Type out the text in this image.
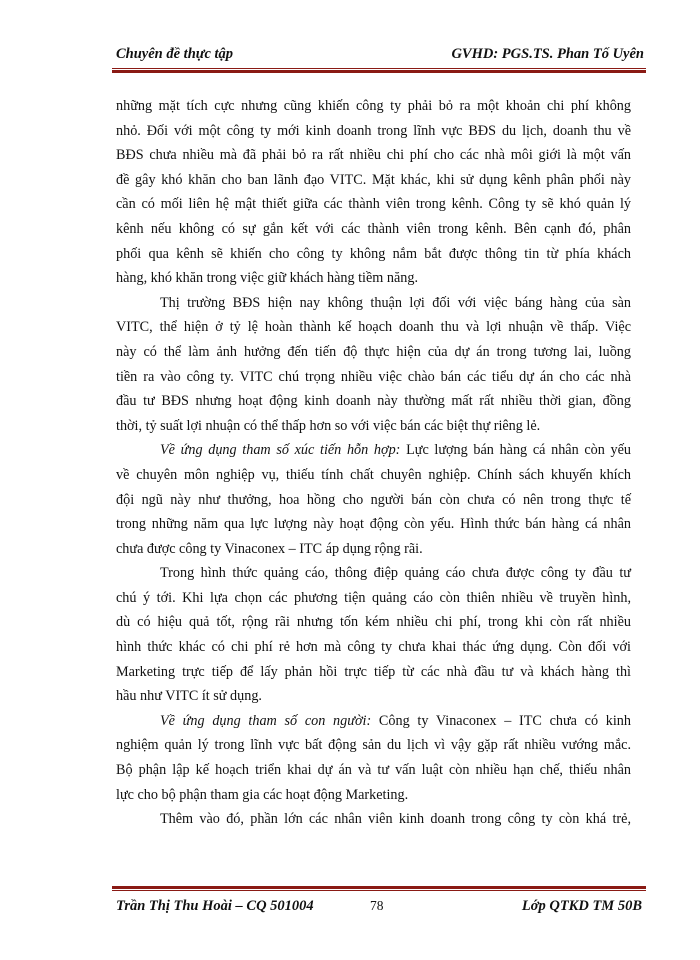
Chuyên đề thực tập	GVHD: PGS.TS. Phan Tố Uyên

những mặt tích cực nhưng cũng khiến công ty phải bỏ ra một khoản chi phí không

nhỏ. Đối với một công ty mới kinh doanh trong lĩnh vực BĐS du lịch, doanh thu về

BĐS chưa nhiều mà đã phải bỏ ra rất nhiều chi phí cho các nhà môi giới là một vấn

đề gây khó khăn cho ban lãnh đạo VITC. Mặt khác, khi sử dụng kênh phân phối này

cần có mối liên hệ mật thiết giữa các thành viên trong kênh. Công ty sẽ khó quản lý

kênh nếu không có sự gắn kết với các thành viên trong kênh. Bên cạnh đó, phân

phối qua kênh sẽ khiến cho công ty không nắm bắt được thông tin từ phía khách

hàng, khó khăn trong việc giữ khách hàng tiềm năng.

Thị trường BĐS hiện nay không thuận lợi đối với việc báng hàng của sàn

VITC, thể hiện ở tỷ lệ hoàn thành kế hoạch doanh thu và lợi nhuận về thấp. Việc

này có thể làm ảnh hưởng đến tiến độ thực hiện của dự án trong tương lai, luồng

tiền ra vào công ty. VITC chú trọng nhiều việc chào bán các tiểu dự án cho các nhà

đầu tư BĐS nhưng hoạt động kinh doanh này thường mất rất nhiều thời gian, đồng

thời, tỷ suất lợi nhuận có thể thấp hơn so với việc bán các biệt thự riêng lẻ.

Về ứng dụng tham số xúc tiến hỗn hợp: Lực lượng bán hàng cá nhân còn yếu

về chuyên môn nghiệp vụ, thiếu tính chất chuyên nghiệp. Chính sách khuyến khích

đội ngũ này như thưởng, hoa hồng cho người bán còn chưa có nên trong thực tế

trong những năm qua lực lượng này hoạt động còn yếu. Hình thức bán hàng cá nhân

chưa được công ty Vinaconex – ITC áp dụng rộng rãi.

Trong hình thức quảng cáo, thông điệp quảng cáo chưa được công ty đầu tư

chú ý tới. Khi lựa chọn các phương tiện quảng cáo còn thiên nhiều về truyền hình,

dù có hiệu quả tốt, rộng rãi nhưng tốn kém nhiều chi phí, trong khi còn rất nhiều

hình thức khác có chi phí rẻ hơn mà công ty chưa khai thác ứng dụng. Còn đối với

Marketing trực tiếp để lấy phản hồi trực tiếp từ các nhà đầu tư và khách hàng thì

hầu như VITC ít sử dụng.

Về ứng dụng tham số con người: Công ty Vinaconex – ITC chưa có kinh

nghiệm quản lý trong lĩnh vực bất động sản du lịch vì vậy gặp rất nhiều vướng mắc.

Bộ phận lập kế hoạch triển khai dự án và tư vấn luật còn nhiều hạn chế, thiếu nhân

lực cho bộ phận tham gia các hoạt động Marketing.

Thêm vào đó, phần lớn các nhân viên kinh doanh trong công ty còn khá trẻ,

Trần Thị Thu Hoài – CQ 501004	78	Lớp QTKD TM 50B
